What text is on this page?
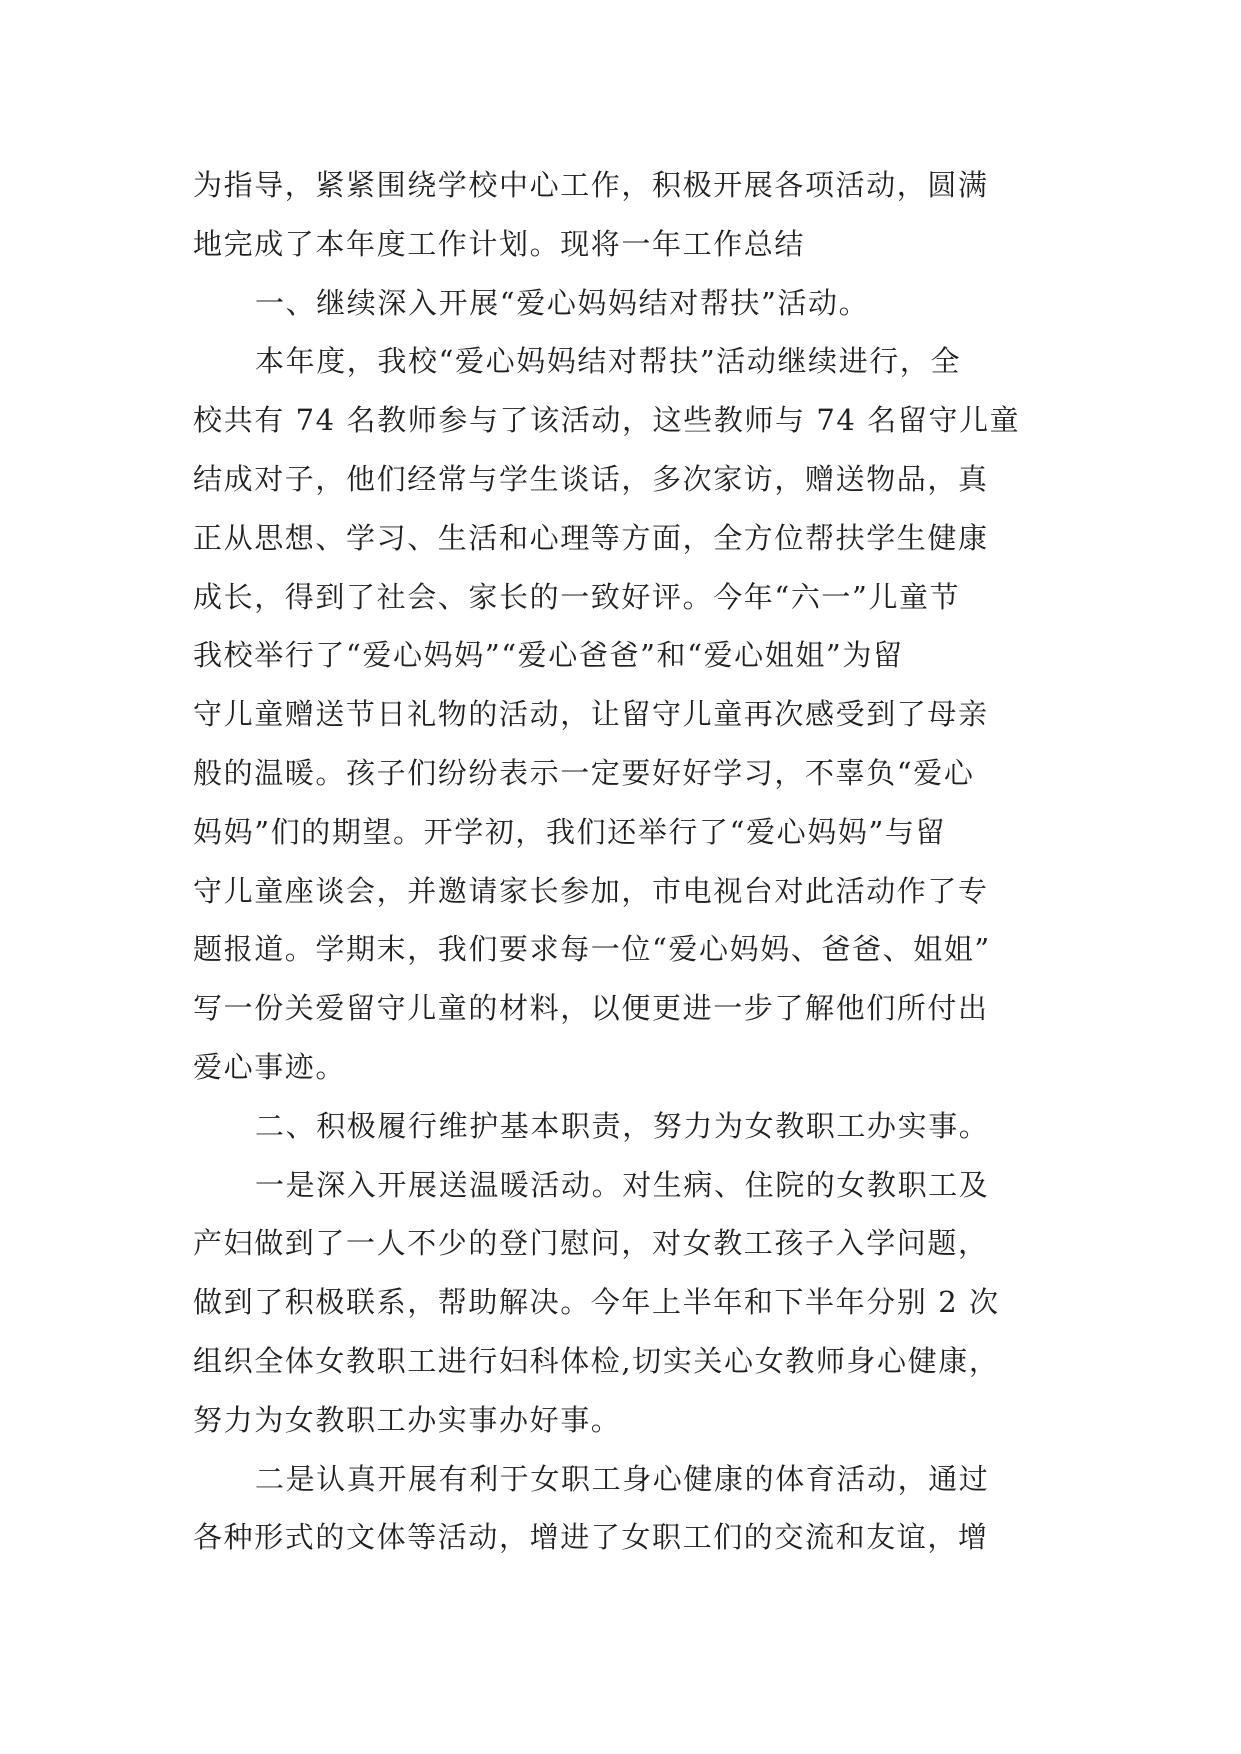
为指导，紧紧围绕学校中心工作，积极开展各项活动，圆满
地完成了本年度工作计划。现将一年工作总结
一、继续深入开展“爱心妈妈结对帮扶”活动。
本年度，我校“爱心妈妈结对帮扶”活动继续进行，全
校共有 74 名教师参与了该活动，这些教师与 74 名留守儿童
结成对子，他们经常与学生谈话，多次家访，赠送物品，真
正从思想、学习、生活和心理等方面，全方位帮扶学生健康
成长，得到了社会、家长的一致好评。今年“六一”儿童节
我校举行了“爱心妈妈”“爱心爸爸”和“爱心姐姐”为留
守儿童赠送节日礼物的活动，让留守儿童再次感受到了母亲
般的温暖。孩子们纷纷表示一定要好好学习，不辜负“爱心
妈妈”们的期望。开学初，我们还举行了“爱心妈妈”与留
守儿童座谈会，并邀请家长参加，市电视台对此活动作了专
题报道。学期末，我们要求每一位“爱心妈妈、爸爸、姐姐”
写一份关爱留守儿童的材料，以便更进一步了解他们所付出
爱心事迹。
二、积极履行维护基本职责，努力为女教职工办实事。
一是深入开展送温暖活动。对生病、住院的女教职工及
产妇做到了一人不少的登门慰问，对女教工孩子入学问题，
做到了积极联系，帮助解决。今年上半年和下半年分别 2 次
组织全体女教职工进行妇科体检,切实关心女教师身心健康，
努力为女教职工办实事办好事。
二是认真开展有利于女职工身心健康的体育活动，通过
各种形式的文体等活动，增进了女职工们的交流和友谊，增
